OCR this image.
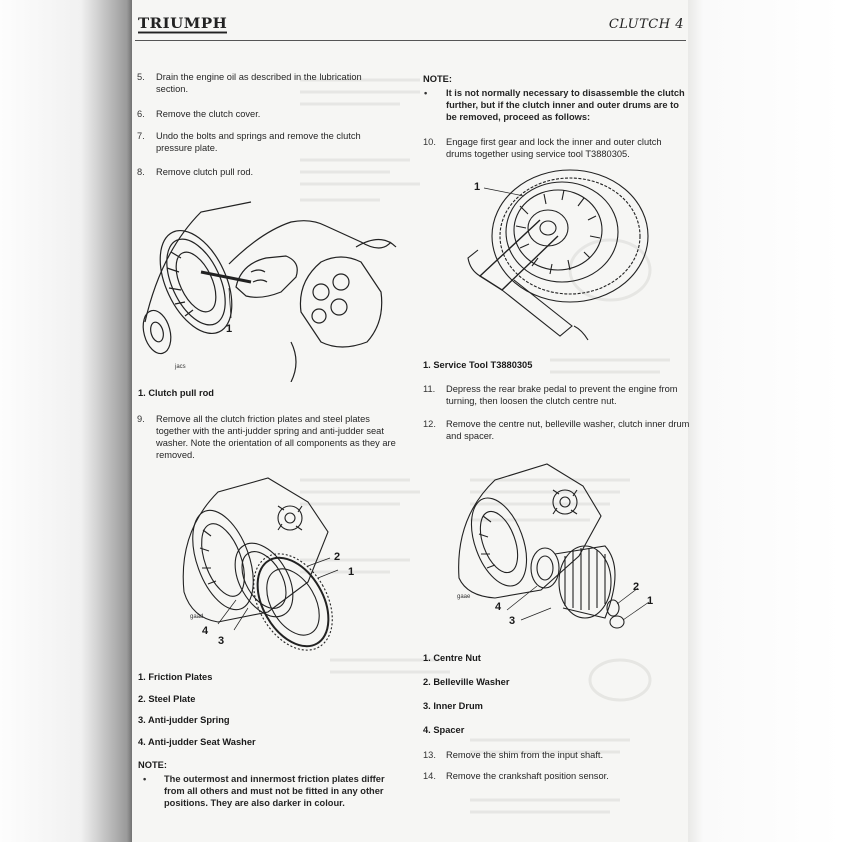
TRIUMPH	CLUTCH 4
5. Drain the engine oil as described in the lubrication section.
6. Remove the clutch cover.
7. Undo the bolts and springs and remove the clutch pressure plate.
8. Remove clutch pull rod.
1
jacs
1. Clutch pull rod
9. Remove all the clutch friction plates and steel plates together with the anti-judder spring and anti-judder seat washer. Note the orientation of all components as they are removed.
2
1
4
3
gaad
1. Friction Plates
2. Steel Plate
3. Anti-judder Spring
4. Anti-judder Seat Washer
NOTE:
• The outermost and innermost friction plates differ from all others and must not be fitted in any other positions. They are also darker in colour.
NOTE:
• It is not normally necessary to disassemble the clutch further, but if the clutch inner and outer drums are to be removed, proceed as follows:
10. Engage first gear and lock the inner and outer clutch drums together using service tool T3880305.
1
1. Service Tool T3880305
11. Depress the rear brake pedal to prevent the engine from turning, then loosen the clutch centre nut.
12. Remove the centre nut, belleville washer, clutch inner drum and spacer.
2
1
4
3
gaae
1. Centre Nut
2. Belleville Washer
3. Inner Drum
4. Spacer
13. Remove the shim from the input shaft.
14. Remove the crankshaft position sensor.
